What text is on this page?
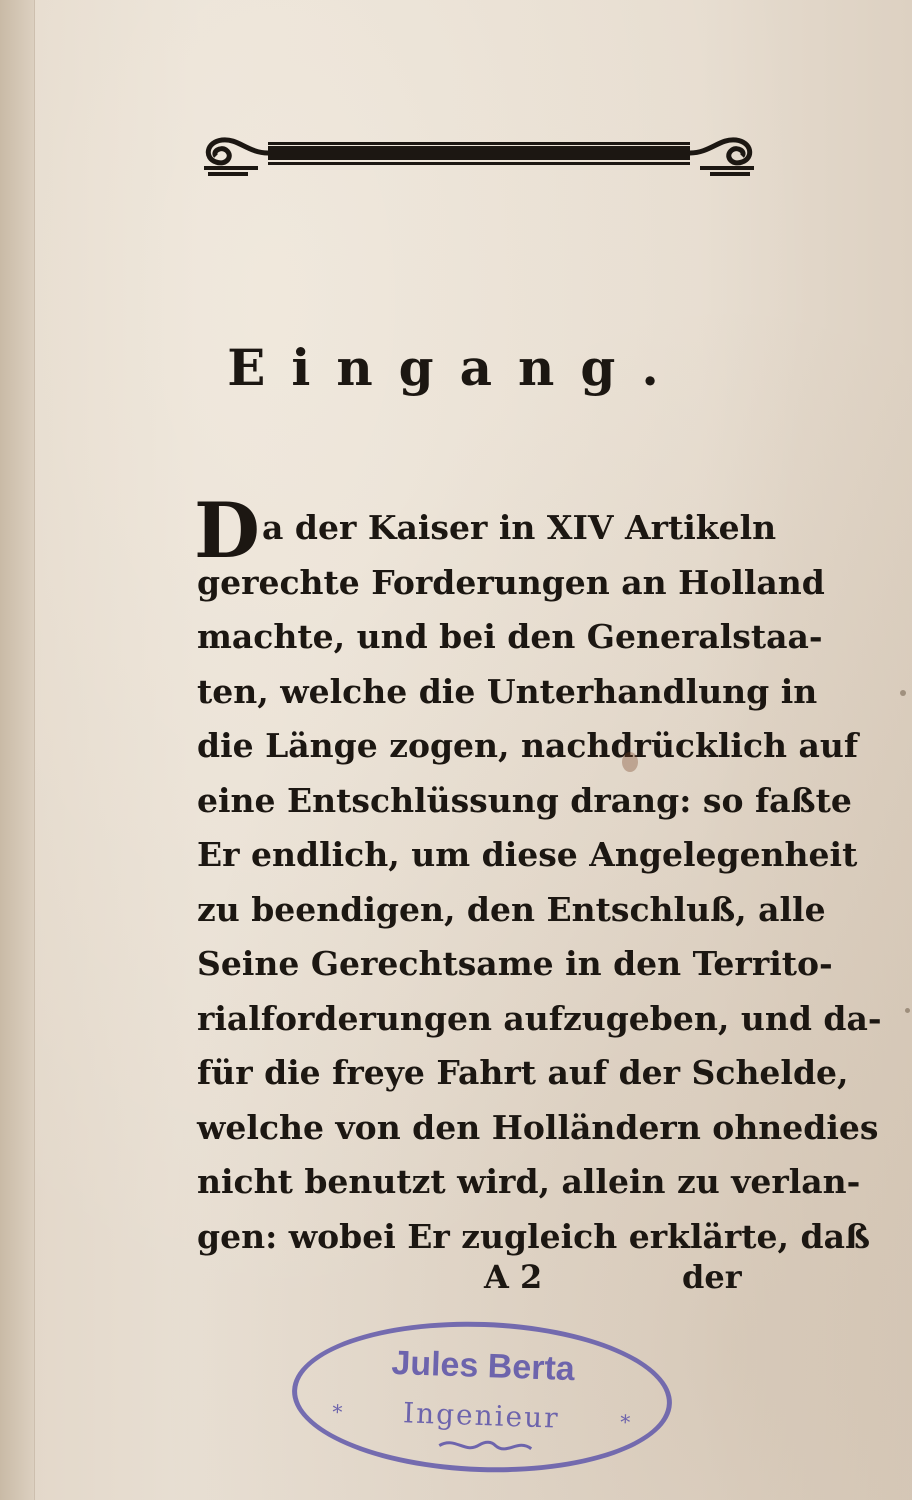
Eingang.
D a der Kaiser in XIV Artikeln
gerechte Forderungen an Holland
machte, und bei den Generalstaa-
ten, welche die Unterhandlung in
die Länge zogen, nachdrücklich auf
eine Entschlüssung drang: so faßte
Er endlich, um diese Angelegenheit
zu beendigen, den Entschluß, alle
Seine Gerechtsame in den Territo-
rialforderungen aufzugeben, und da-
für die freye Fahrt auf der Schelde,
welche von den Holländern ohnedies
nicht benutzt wird, allein zu verlan-
gen: wobei Er zugleich erklärte, daß
A 2	der
Jules Berta
*	Ingenieur	*
